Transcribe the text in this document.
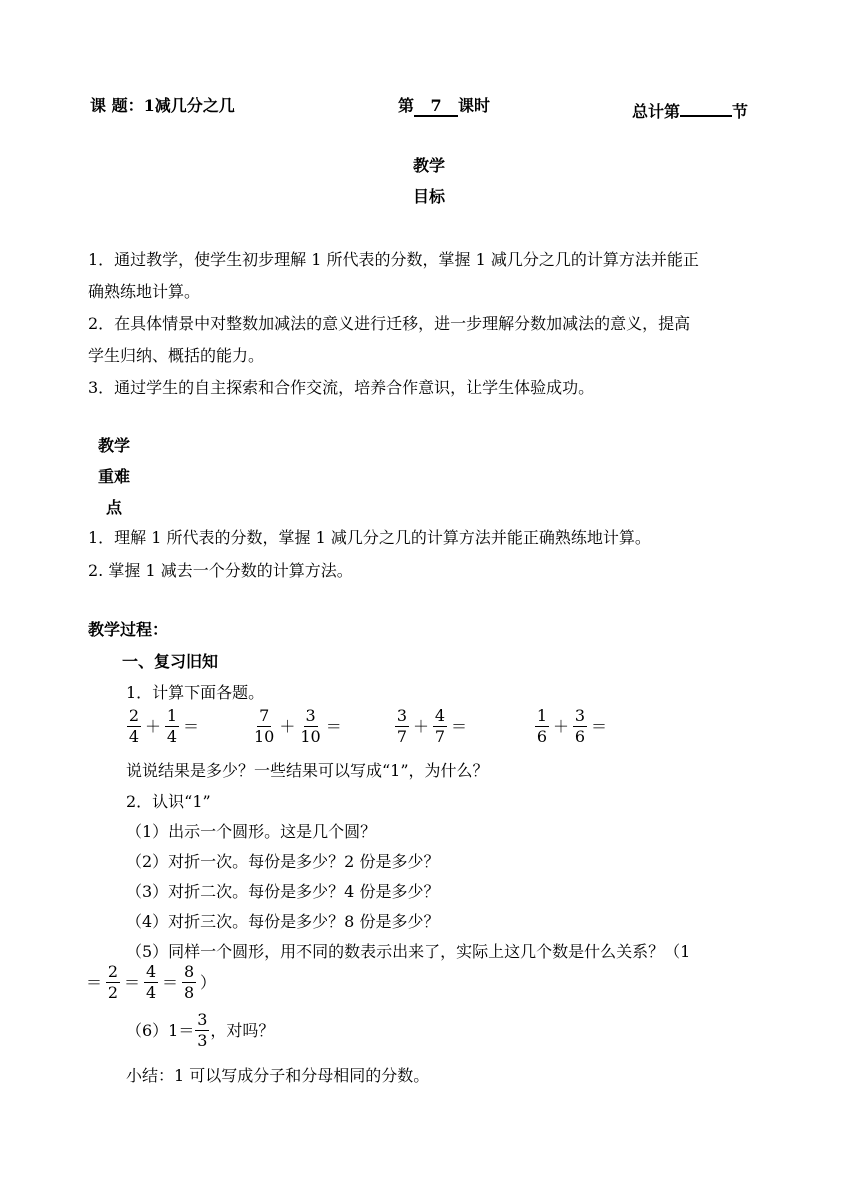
课 题：1减几分之几	第 7 课时	总计第	节
教学
目标
1．通过教学，使学生初步理解 1 所代表的分数，掌握 1 减几分之几的计算方法并能正
确熟练地计算。
2．在具体情景中对整数加减法的意义进行迁移，进一步理解分数加减法的意义，提高
学生归纳、概括的能力。
3．通过学生的自主探索和合作交流，培养合作意识，让学生体验成功。
教学
重难
点
1．理解 1 所代表的分数，掌握 1 减几分之几的计算方法并能正确熟练地计算。
2. 掌握 1 减去一个分数的计算方法。
教学过程：
一、复习旧知
1．计算下面各题。
$\frac{2}{4} + \frac{1}{4}$ ＝	$\frac{7}{10} + \frac{3}{10}$ ＝	$\frac{3}{7} + \frac{4}{7}$ ＝	$\frac{1}{6} + \frac{3}{6}$ ＝
说说结果是多少？一些结果可以写成“1”，为什么？
2．认识“1”
（1）出示一个圆形。这是几个圆？
（2）对折一次。每份是多少？2 份是多少？
（3）对折二次。每份是多少？4 份是多少？
（4）对折三次。每份是多少？8 份是多少？
（5）同样一个圆形，用不同的数表示出来了，实际上这几个数是什么关系？（1
＝ $\frac{2}{2} = \frac{4}{4} = \frac{8}{8}$ ）
$(6)1= \frac{3}{3}$ ，对吗？
小结：1 可以写成分子和分母相同的分数。
